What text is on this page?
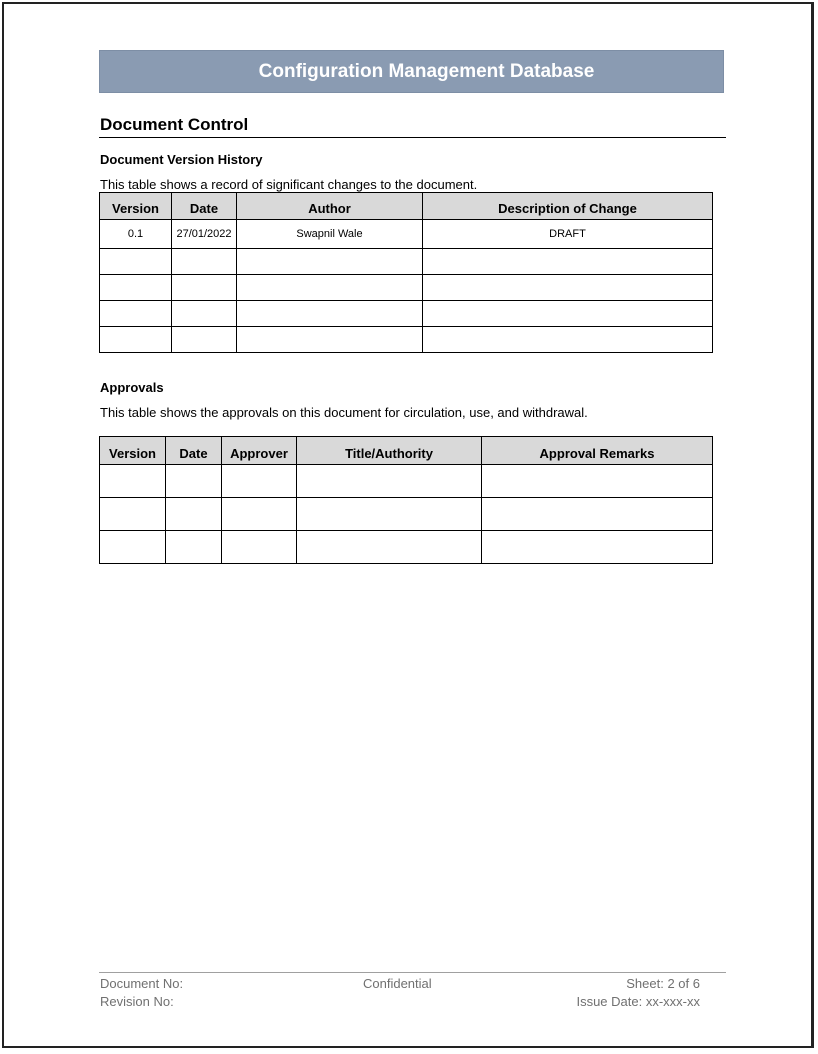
Configuration Management Database
Document Control
Document Version History
This table shows a record of significant changes to the document.
Version	Date	Author	Description of Change
0.1	27/01/2022	Swapnil Wale	DRAFT

Approvals
This table shows the approvals on this document for circulation, use, and withdrawal.
Version	Date	Approver	Title/Authority	Approval Remarks

Document No:
Revision No:
Confidential	Sheet: 2 of 6
Issue Date: xx-xxx-xx
